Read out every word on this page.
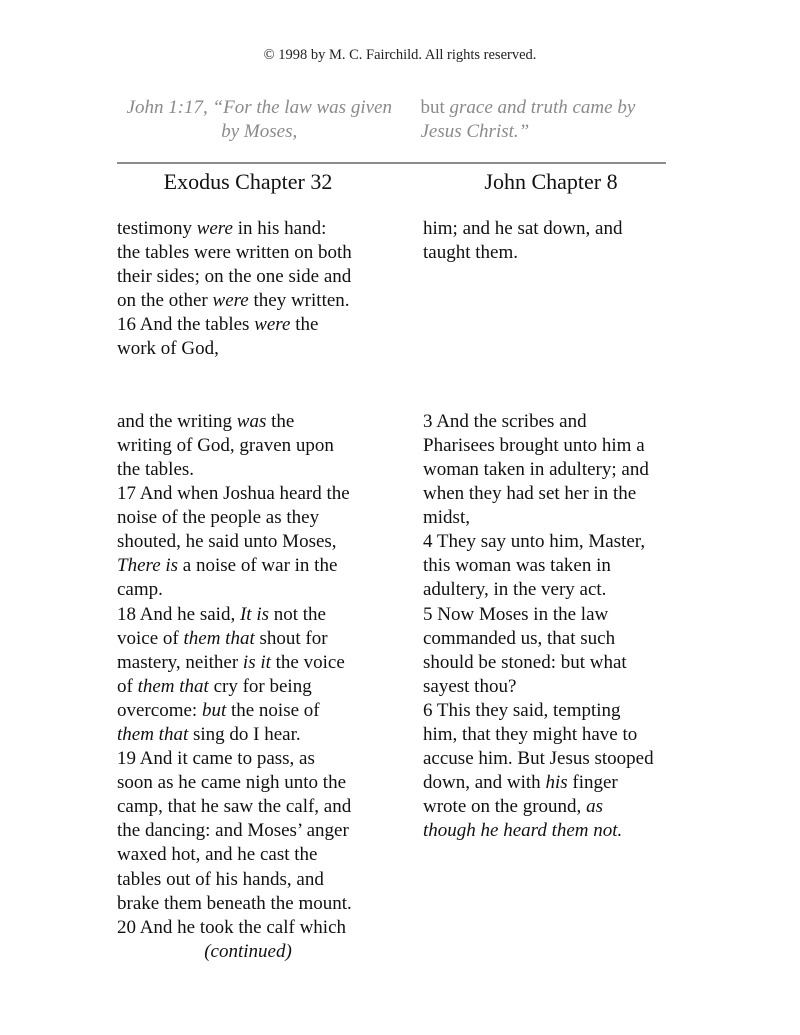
© 1998 by M. C. Fairchild. All rights reserved.
John 1:17, “For the law was given
by Moses,
but grace and truth came by
Jesus Christ.”
Exodus Chapter 32	John Chapter 8
testimony were in his hand:
the tables were written on both
their sides; on the one side and
on the other were they written.
16 And the tables were the
work of God,
and the writing was the
writing of God, graven upon
the tables.
17 And when Joshua heard the
noise of the people as they
shouted, he said unto Moses,
There is a noise of war in the
camp.
18 And he said, It is not the
voice of them that shout for
mastery, neither is it the voice
of them that cry for being
overcome: but the noise of
them that sing do I hear.
19 And it came to pass, as
soon as he came nigh unto the
camp, that he saw the calf, and
the dancing: and Moses’ anger
waxed hot, and he cast the
tables out of his hands, and
brake them beneath the mount.
20 And he took the calf which
(continued)
him; and he sat down, and
taught them.
3 And the scribes and
Pharisees brought unto him a
woman taken in adultery; and
when they had set her in the
midst,
4 They say unto him, Master,
this woman was taken in
adultery, in the very act.
5 Now Moses in the law
commanded us, that such
should be stoned: but what
sayest thou?
6 This they said, tempting
him, that they might have to
accuse him. But Jesus stooped
down, and with his finger
wrote on the ground, as
though he heard them not.
